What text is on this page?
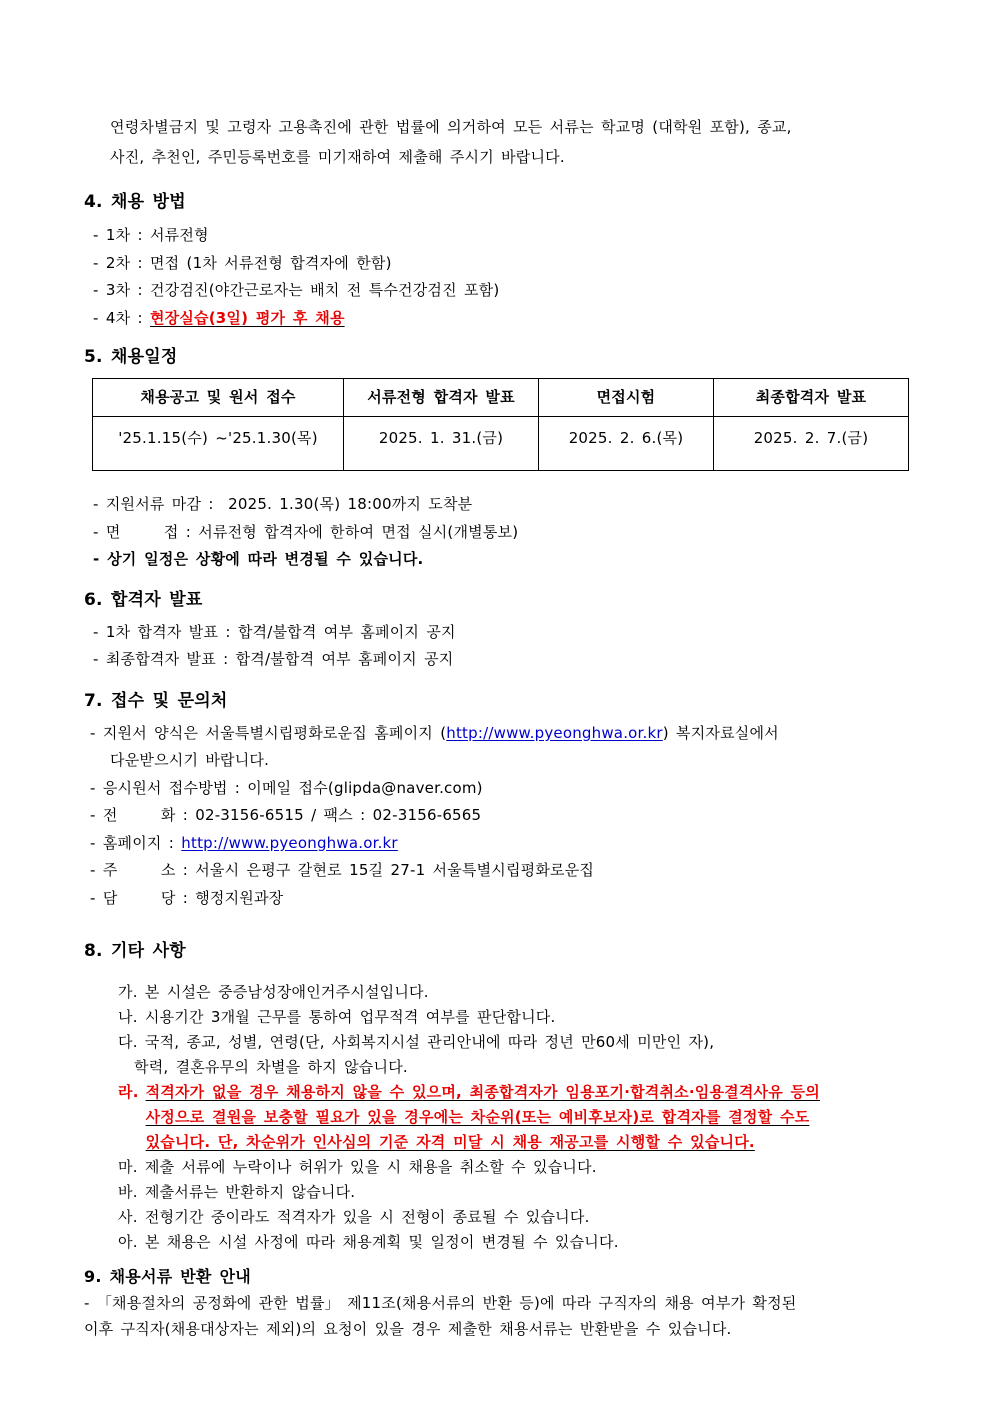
연령차별금지 및 고령자 고용촉진에 관한 법률에 의거하여 모든 서류는 학교명 (대학원 포함), 종교,
사진, 추천인, 주민등록번호를 미기재하여 제출해 주시기 바랍니다.
4. 채용 방법
- 1차 : 서류전형
- 2차 : 면접 (1차 서류전형 합격자에 한함)
- 3차 : 건강검진(야간근로자는 배치 전 특수건강검진 포함)
- 4차 : 현장실습(3일) 평가 후 채용
5. 채용일정
채용공고 및 원서 접수	서류전형 합격자 발표	면접시험	최종합격자 발표
'25.1.15(수) ~'25.1.30(목)	2025. 1. 31.(금)	2025. 2. 6.(목)	2025. 2. 7.(금)
- 지원서류 마감 :  2025. 1.30(목) 18:00까지 도착분
- 면      접 : 서류전형 합격자에 한하여 면접 실시(개별통보)
- 상기 일정은 상황에 따라 변경될 수 있습니다.
6. 합격자 발표
- 1차 합격자 발표 : 합격/불합격 여부 홈페이지 공지
- 최종합격자 발표 : 합격/불합격 여부 홈페이지 공지
7. 접수 및 문의처
- 지원서 양식은 서울특별시립평화로운집 홈페이지 (http://www.pyeonghwa.or.kr) 복지자료실에서
다운받으시기 바랍니다.
- 응시원서 접수방법 : 이메일 접수(glipda@naver.com)
- 전      화 : 02-3156-6515 / 팩스 : 02-3156-6565
- 홈페이지 : http://www.pyeonghwa.or.kr
- 주      소 : 서울시 은평구 갈현로 15길 27-1 서울특별시립평화로운집
- 담      당 : 행정지원과장
8. 기타 사항
가. 본 시설은 중증남성장애인거주시설입니다.
나. 시용기간 3개월 근무를 통하여 업무적격 여부를 판단합니다.
다. 국적, 종교, 성별, 연령(단, 사회복지시설 관리안내에 따라 정년 만60세 미만인 자),
학력, 결혼유무의 차별을 하지 않습니다.
라. 적격자가 없을 경우 채용하지 않을 수 있으며, 최종합격자가 임용포기·합격취소·임용결격사유 등의
사정으로 결원을 보충할 필요가 있을 경우에는 차순위(또는 예비후보자)로 합격자를 결정할 수도
있습니다. 단, 차순위가 인사심의 기준 자격 미달 시 채용 재공고를 시행할 수 있습니다.
마. 제출 서류에 누락이나 허위가 있을 시 채용을 취소할 수 있습니다.
바. 제출서류는 반환하지 않습니다.
사. 전형기간 중이라도 적격자가 있을 시 전형이 종료될 수 있습니다.
아. 본 채용은 시설 사정에 따라 채용계획 및 일정이 변경될 수 있습니다.
9. 채용서류 반환 안내
- 「채용절차의 공정화에 관한 법률」 제11조(채용서류의 반환 등)에 따라 구직자의 채용 여부가 확정된
이후 구직자(채용대상자는 제외)의 요청이 있을 경우 제출한 채용서류는 반환받을 수 있습니다.
